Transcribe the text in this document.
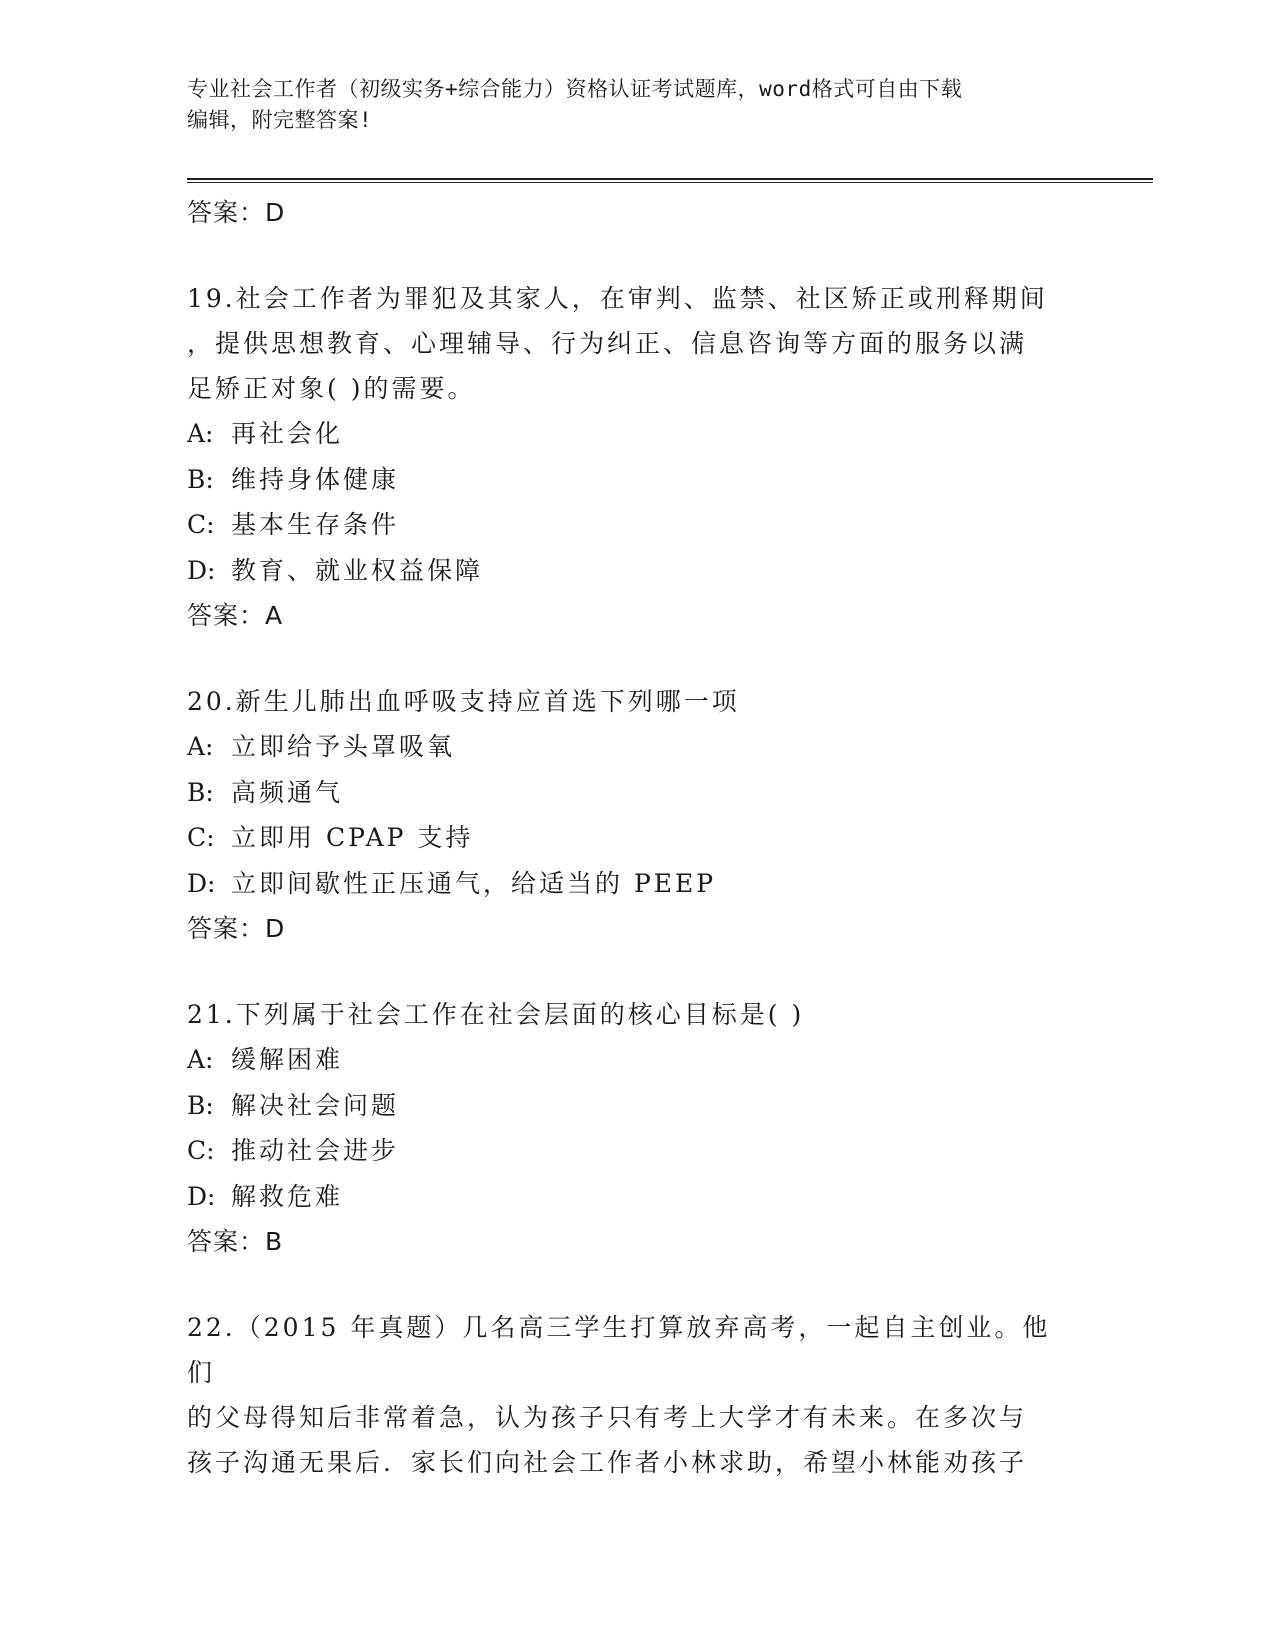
专业社会工作者（初级实务+综合能力）资格认证考试题库，word格式可自由下载
编辑，附完整答案!

答案：D

19.社会工作者为罪犯及其家人，在审判、监禁、社区矫正或刑释期间
，提供思想教育、心理辅导、行为纠正、信息咨询等方面的服务以满
足矫正对象( )的需要。

A: 再社会化

B: 维持身体健康

C: 基本生存条件

D: 教育、就业权益保障

答案：A

20.新生儿肺出血呼吸支持应首选下列哪一项

A: 立即给予头罩吸氧

B: 高频通气

C: 立即用 CPAP 支持

D: 立即间歇性正压通气，给适当的 PEEP

答案：D

21.下列属于社会工作在社会层面的核心目标是( )

A: 缓解困难

B: 解决社会问题

C: 推动社会进步

D: 解救危难

答案：B

22.（2015 年真题）几名高三学生打算放弃高考，一起自主创业。他们
的父母得知后非常着急，认为孩子只有考上大学才有未来。在多次与
孩子沟通无果后．家长们向社会工作者小林求助，希望小林能劝孩子
